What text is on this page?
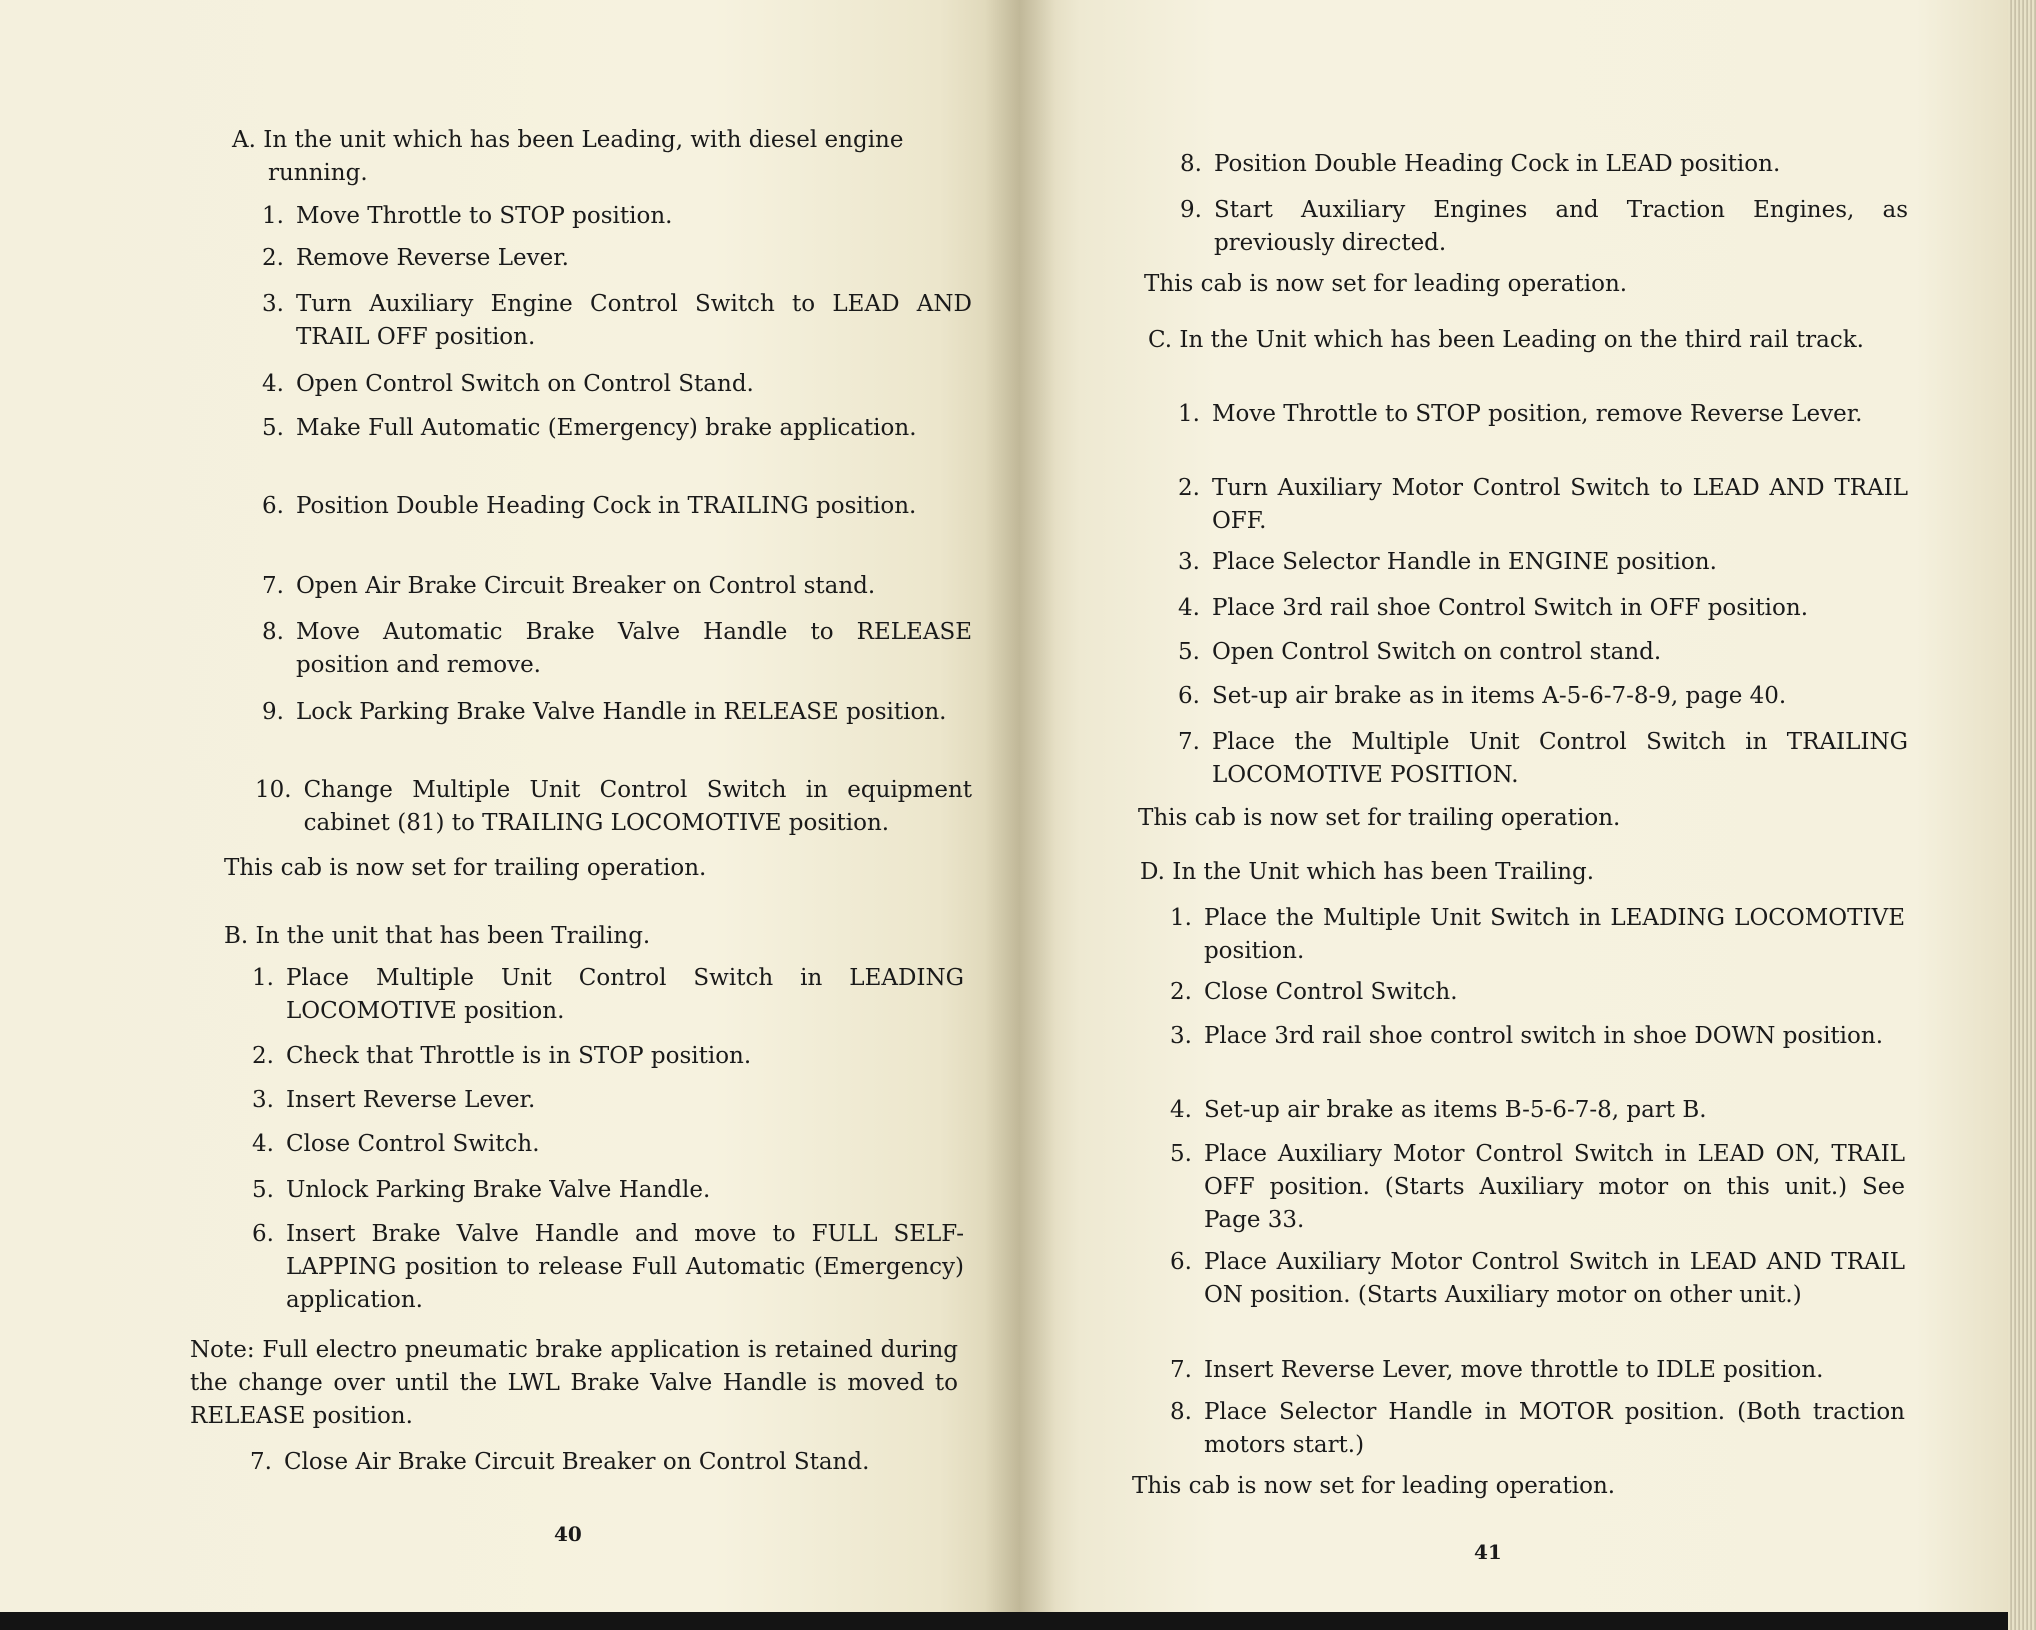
A. In the unit which has been Leading, with diesel engine running.
1. Move Throttle to STOP position.
2. Remove Reverse Lever.
3. Turn Auxiliary Engine Control Switch to LEAD AND TRAIL OFF position.
4. Open Control Switch on Control Stand.
5. Make Full Automatic (Emergency) brake application.
6. Position Double Heading Cock in TRAILING position.
7. Open Air Brake Circuit Breaker on Control stand.
8. Move Automatic Brake Valve Handle to RELEASE position and remove.
9. Lock Parking Brake Valve Handle in RELEASE position.
10. Change Multiple Unit Control Switch in equipment cabinet (81) to TRAILING LOCOMOTIVE position.
This cab is now set for trailing operation.
B. In the unit that has been Trailing.
1. Place Multiple Unit Control Switch in LEADING LOCOMOTIVE position.
2. Check that Throttle is in STOP position.
3. Insert Reverse Lever.
4. Close Control Switch.
5. Unlock Parking Brake Valve Handle.
6. Insert Brake Valve Handle and move to FULL SELF-LAPPING position to release Full Automatic (Emergency) application.
Note: Full electro pneumatic brake application is retained during the change over until the LWL Brake Valve Handle is moved to RELEASE position.
7. Close Air Brake Circuit Breaker on Control Stand.
40
8. Position Double Heading Cock in LEAD position.
9. Start Auxiliary Engines and Traction Engines, as previously directed.
This cab is now set for leading operation.
C. In the Unit which has been Leading on the third rail track.
1. Move Throttle to STOP position, remove Reverse Lever.
2. Turn Auxiliary Motor Control Switch to LEAD AND TRAIL OFF.
3. Place Selector Handle in ENGINE position.
4. Place 3rd rail shoe Control Switch in OFF position.
5. Open Control Switch on control stand.
6. Set-up air brake as in items A-5-6-7-8-9, page 40.
7. Place the Multiple Unit Control Switch in TRAILING LOCOMOTIVE POSITION.
This cab is now set for trailing operation.
D. In the Unit which has been Trailing.
1. Place the Multiple Unit Switch in LEADING LOCOMOTIVE position.
2. Close Control Switch.
3. Place 3rd rail shoe control switch in shoe DOWN position.
4. Set-up air brake as items B-5-6-7-8, part B.
5. Place Auxiliary Motor Control Switch in LEAD ON, TRAIL OFF position. (Starts Auxiliary motor on this unit.) See Page 33.
6. Place Auxiliary Motor Control Switch in LEAD AND TRAIL ON position. (Starts Auxiliary motor on other unit.)
7. Insert Reverse Lever, move throttle to IDLE position.
8. Place Selector Handle in MOTOR position. (Both traction motors start.)
This cab is now set for leading operation.
41
